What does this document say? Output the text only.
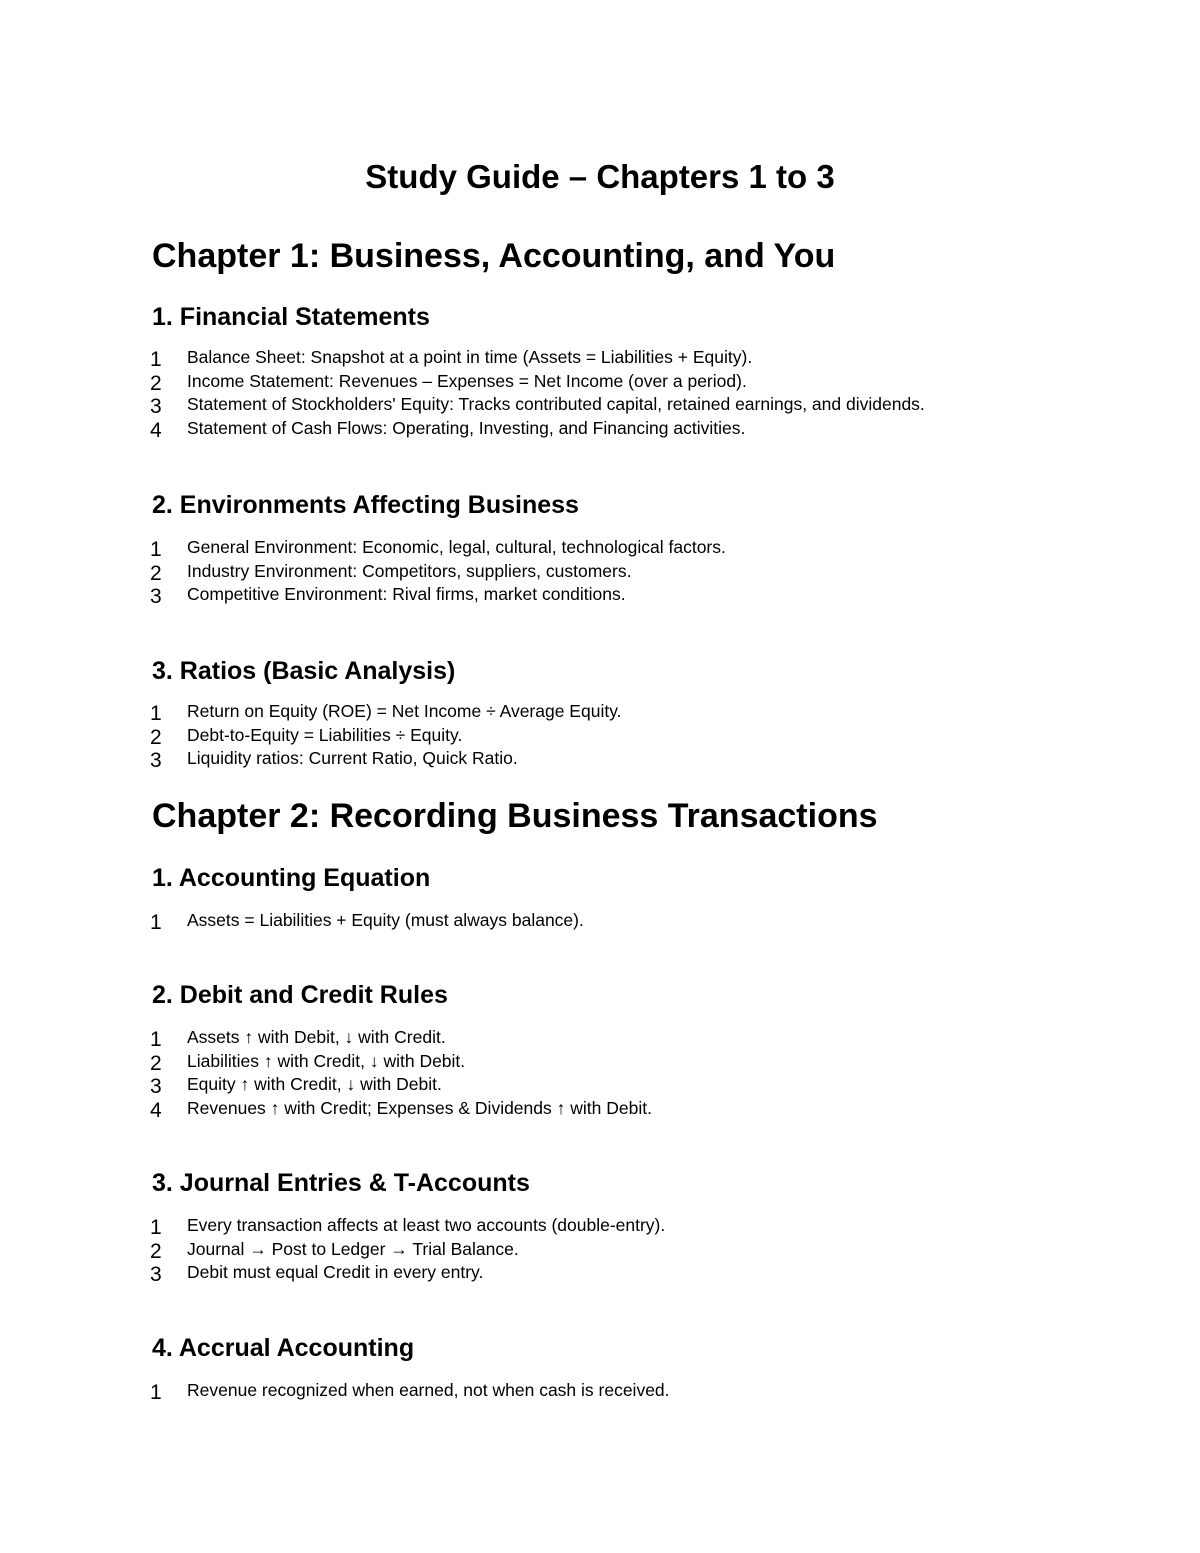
Study Guide – Chapters 1 to 3
Chapter 1: Business, Accounting, and You
1. Financial Statements
1	Balance Sheet: Snapshot at a point in time (Assets = Liabilities + Equity).
2	Income Statement: Revenues – Expenses = Net Income (over a period).
3	Statement of Stockholders' Equity: Tracks contributed capital, retained earnings, and dividends.
4	Statement of Cash Flows: Operating, Investing, and Financing activities.
2. Environments Affecting Business
1	General Environment: Economic, legal, cultural, technological factors.
2	Industry Environment: Competitors, suppliers, customers.
3	Competitive Environment: Rival firms, market conditions.
3. Ratios (Basic Analysis)
1	Return on Equity (ROE) = Net Income ÷ Average Equity.
2	Debt-to-Equity = Liabilities ÷ Equity.
3	Liquidity ratios: Current Ratio, Quick Ratio.
Chapter 2: Recording Business Transactions
1. Accounting Equation
1	Assets = Liabilities + Equity (must always balance).
2. Debit and Credit Rules
1	Assets ↑ with Debit, ↓ with Credit.
2	Liabilities ↑ with Credit, ↓ with Debit.
3	Equity ↑ with Credit, ↓ with Debit.
4	Revenues ↑ with Credit; Expenses & Dividends ↑ with Debit.
3. Journal Entries & T-Accounts
1	Every transaction affects at least two accounts (double-entry).
2	Journal → Post to Ledger → Trial Balance.
3	Debit must equal Credit in every entry.
4. Accrual Accounting
1	Revenue recognized when earned, not when cash is received.
